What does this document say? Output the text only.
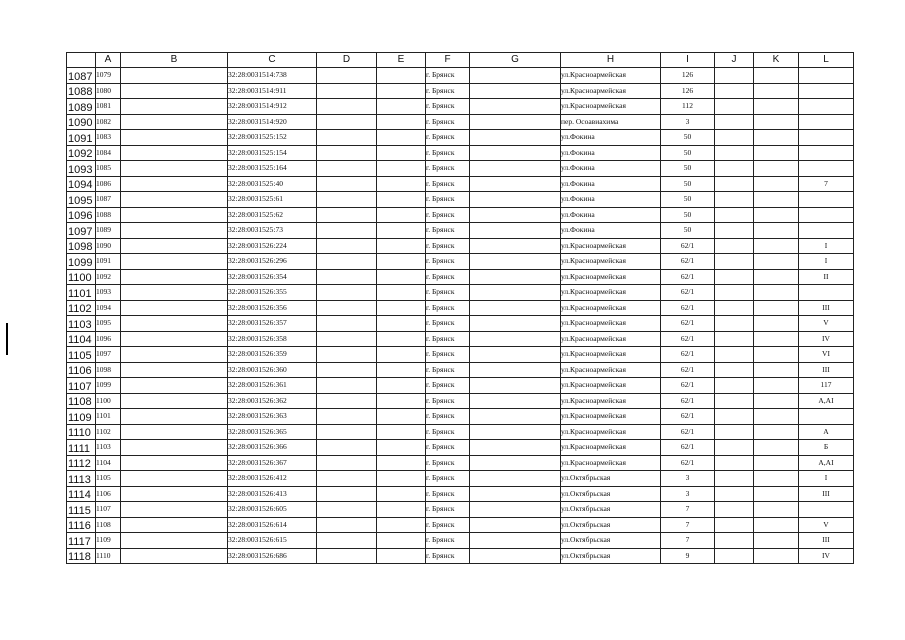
	A	B	C	D	E	F	G	H	I	J	K	L
1087	1079		32:28:0031514:738			г. Брянск		ул.Красноармейская	126			
1088	1080		32:28:0031514:911			г. Брянск		ул.Красноармейская	126			
1089	1081		32:28:0031514:912			г. Брянск		ул.Красноармейская	112			
1090	1082		32:28:0031514:920			г. Брянск		пер. Осоавиахима	3			
1091	1083		32:28:0031525:152			г. Брянск		ул.Фокина	50			
1092	1084		32:28:0031525:154			г. Брянск		ул.Фокина	50			
1093	1085		32:28:0031525:164			г. Брянск		ул.Фокина	50			
1094	1086		32:28:0031525:40			г. Брянск		ул.Фокина	50			7
1095	1087		32:28:0031525:61			г. Брянск		ул.Фокина	50			
1096	1088		32:28:0031525:62			г. Брянск		ул.Фокина	50			
1097	1089		32:28:0031525:73			г. Брянск		ул.Фокина	50			
1098	1090		32:28:0031526:224			г. Брянск		ул.Красноармейская	62/1			I
1099	1091		32:28:0031526:296			г. Брянск		ул.Красноармейская	62/1			I
1100	1092		32:28:0031526:354			г. Брянск		ул.Красноармейская	62/1			II
1101	1093		32:28:0031526:355			г. Брянск		ул.Красноармейская	62/1			
1102	1094		32:28:0031526:356			г. Брянск		ул.Красноармейская	62/1			III
1103	1095		32:28:0031526:357			г. Брянск		ул.Красноармейская	62/1			V
1104	1096		32:28:0031526:358			г. Брянск		ул.Красноармейская	62/1			IV
1105	1097		32:28:0031526:359			г. Брянск		ул.Красноармейская	62/1			VI
1106	1098		32:28:0031526:360			г. Брянск		ул.Красноармейская	62/1			III
1107	1099		32:28:0031526:361			г. Брянск		ул.Красноармейская	62/1			117
1108	1100		32:28:0031526:362			г. Брянск		ул.Красноармейская	62/1			A,AI
1109	1101		32:28:0031526:363			г. Брянск		ул.Красноармейская	62/1			
1110	1102		32:28:0031526:365			г. Брянск		ул.Красноармейская	62/1			A
1111	1103		32:28:0031526:366			г. Брянск		ул.Красноармейская	62/1			Б
1112	1104		32:28:0031526:367			г. Брянск		ул.Красноармейская	62/1			A,AI
1113	1105		32:28:0031526:412			г. Брянск		ул.Октябрьская	3			I
1114	1106		32:28:0031526:413			г. Брянск		ул.Октябрьская	3			III
1115	1107		32:28:0031526:605			г. Брянск		ул.Октябрьская	7			
1116	1108		32:28:0031526:614			г. Брянск		ул.Октябрьская	7			V
1117	1109		32:28:0031526:615			г. Брянск		ул.Октябрьская	7			III
1118	1110		32:28:0031526:686			г. Брянск		ул.Октябрьская	9			IV
